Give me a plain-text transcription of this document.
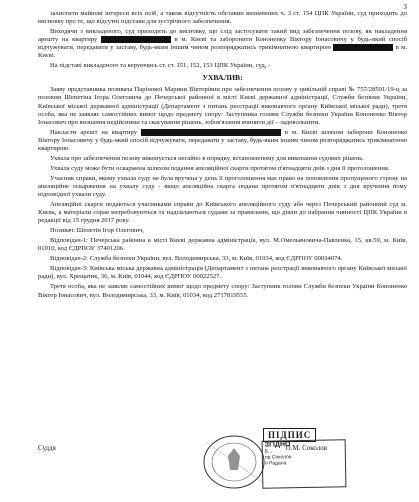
3

захистити майнові інтереси всіх осіб, а також відсутність обставин визначених ч. 3 ст. 154 ЦПК України, суд приходить до висновку про те, що відсутні підстави для зустрічного забезпечення.

Виходячи з викладеного, суд приходить до висновку, що слід застосувати такий вид забезпечення позову, як накладення арешту на квартиру	в м. Києві та заборонити Кононенку Віктору Іонасовичу у будь-який спосіб відчужувати, передавати у заставу, будь-яким іншим чином розпоряджатись трикімнатною квартирою	в м. Києві.

На підставі викладеного та керуючись ст. ст. 151, 152, 153 ЦПК України, суд, -

УХВАЛИВ:

Заяву представника позивача Парінової Марини Вікторівни про забезпечення позову у цивільній справі № 757/28591/19-ц за позовом Шепетіна Ігора Олеговича до Печерської районної в місті Києві державної адміністрації, Служби безпеки України, Київської міської державної адміністрації (Департамент з питань реєстрації виконавчого органу Київської міської ради), третя особа, яка не заявляє самостійних вимог щодо предмету спору: Заступника голови Служби безпеки України Кононенко Віктор Іонасович про визнання недійсними та скасування рішень, зобов'язання вчинити дії – задовольнити.

Накласти арешт на квартиру	в м. Києві шляхом заборони Кононенко Віктору Іонасовичу у будь-який спосіб відчужувати, передавати у заставу, будь-яким іншим чином розпоряджатись трикімнатною квартирою.

Ухвала про забезпечення позову виконується негайно в порядку, встановленому для виконання судових рішень.

Ухвала суду може бути оскаржена шляхом подання апеляційної скарги протягом п'ятнадцяти днів з дня її проголошення.

Учасник справи, якому ухвала суду не була вручена у день її проголошення має право на поновлення пропущеного строку на апеляційне оскарження на ухвалу суду - якщо апеляційна скарга подана протягом п'ятнадцяти днів з дня вручення йому відповідної ухвали суду.

Апеляційні скарги подаються учасниками справи до Київського апеляційного суду або через Печерський районний суд м. Києва, а матеріали справ витребовуються та надсилаються судами за правилами, що діяли до набрання чинності ЦПК України в редакції від 15 грудня 2017 року.

Позивач: Шепетін Ігор Олегович,

Відповідач-1: Печерська районна в місті Києві державна адміністрація, вул. М.Омельяновича-Павленка, 15, кв.59, м. Київ, 01010, код ЄДРПОУ 37401206.

Відповідач-2: Служба безпеки України, вул. Володимирська, 33, м. Київ, 01034, код ЄДРПОУ 00034074.

Відповідач-3: Київська міська державна адміністрація (Департамент з питань реєстрації виконавчого органу Київської міської ради), вул. Хрещатик, 36, м. Київ, 01044, код ЄДРПОУ 00022527.

Третя особа, яка не заявляє самостійних вимог щодо предмету спору: Заступник голови Служби безпеки України Кононенко Віктор Іонасович, вул. Володимирська, 33, м. Київ, 01034, код 2717819555.

Суддя	О.М. Соколов
ПІДПИС
ЗГІДНО
Б...
ор Соколов
о Радана
